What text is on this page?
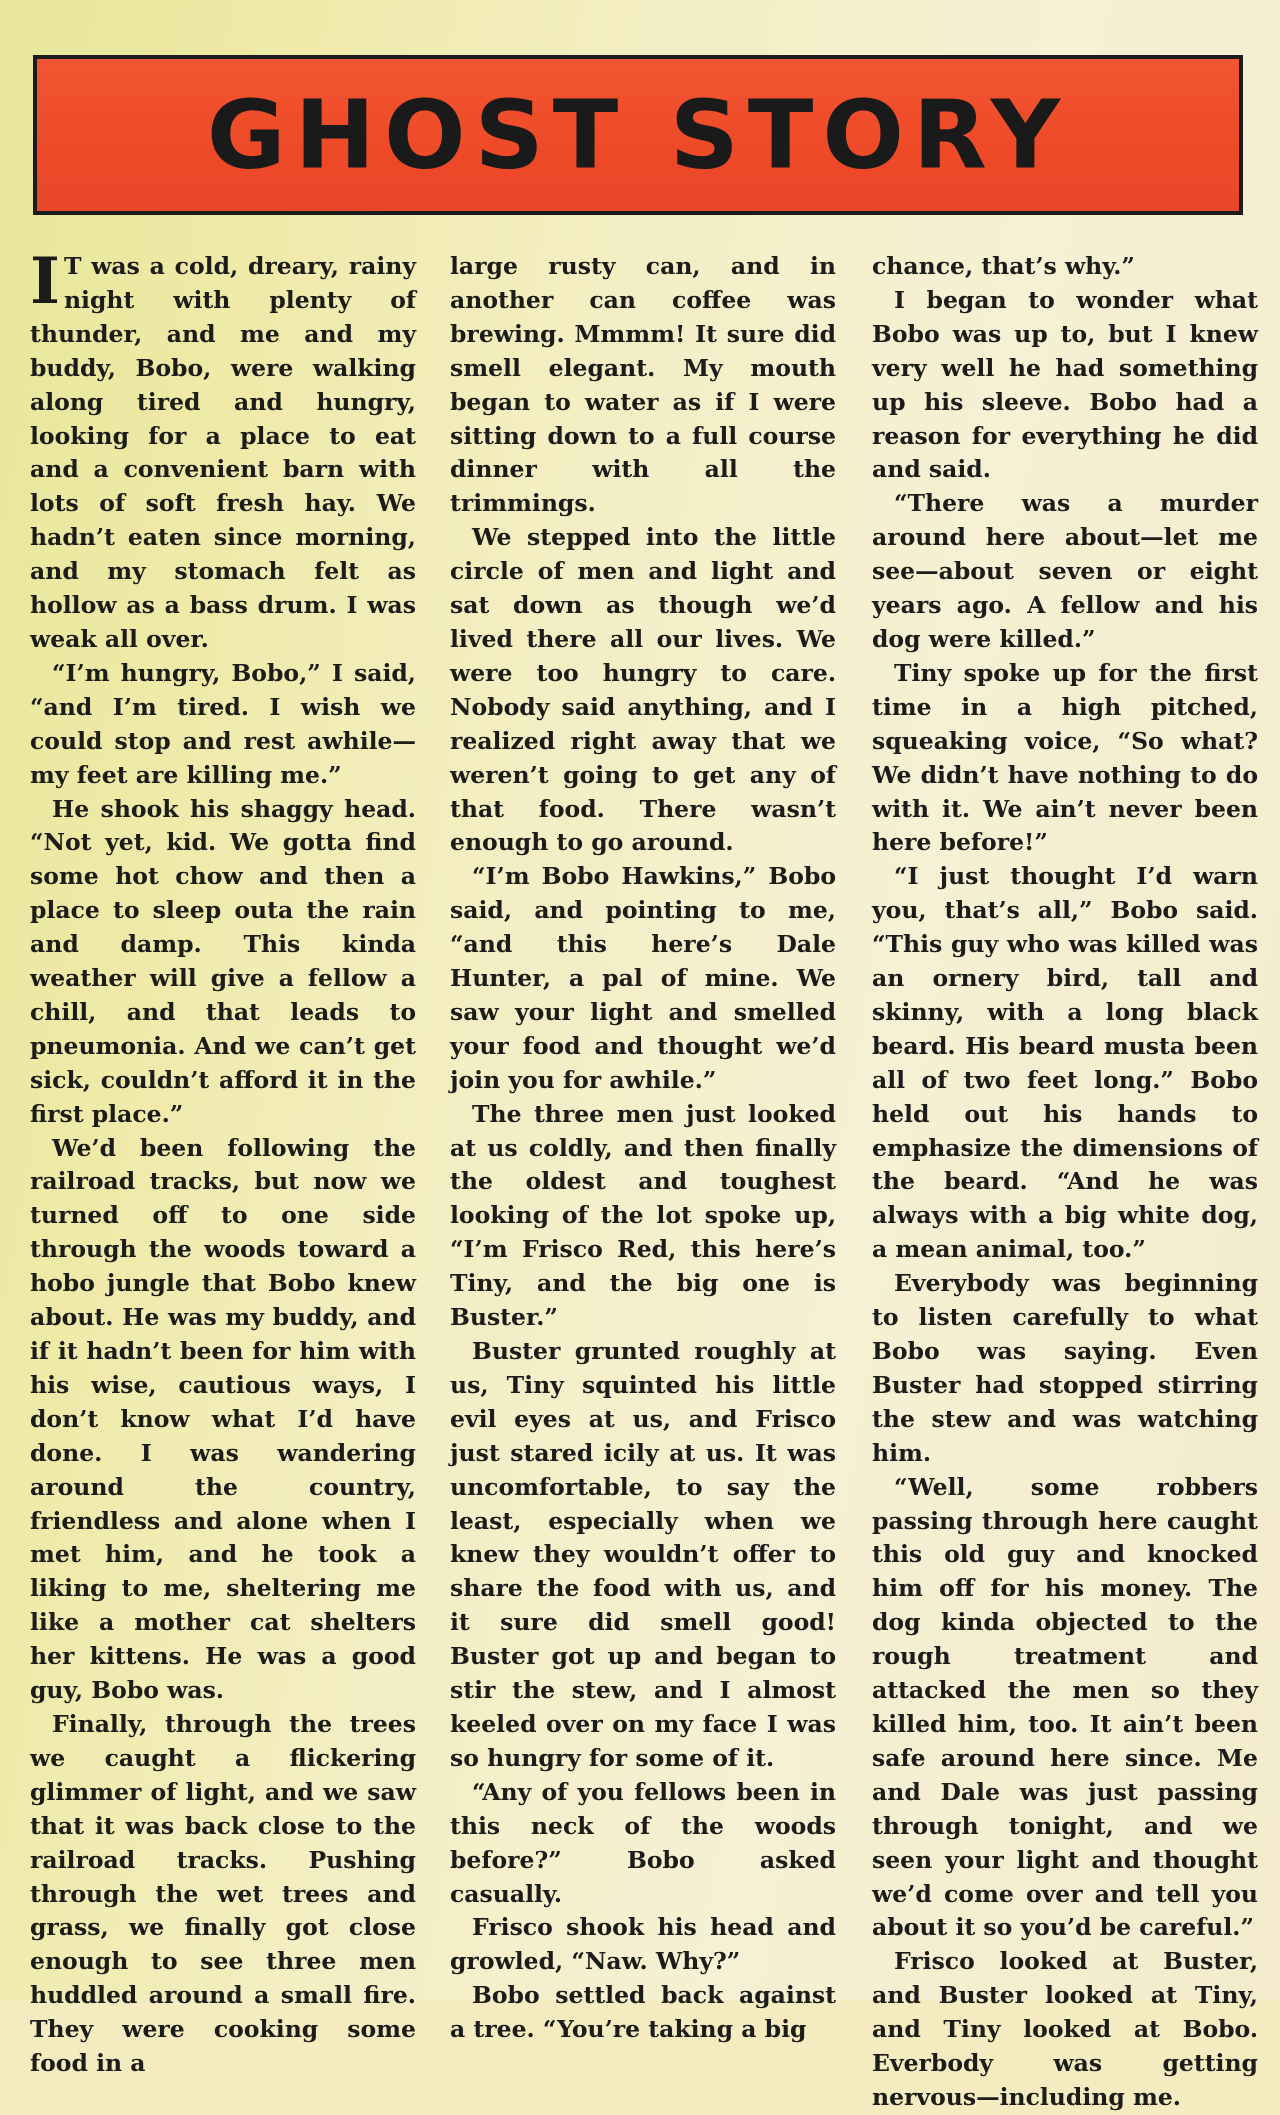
GHOST STORY

I T was a cold, dreary, rainy night with plenty of thunder, and me and my buddy, Bobo, were walking along tired and hungry, looking for a place to eat and a convenient barn with lots of soft fresh hay. We hadn’t eaten since morning, and my stomach felt as hollow as a bass drum. I was weak all over.

“I’m hungry, Bobo,” I said, “and I’m tired. I wish we could stop and rest awhile—my feet are killing me.”

He shook his shaggy head. “Not yet, kid. We gotta find some hot chow and then a place to sleep outa the rain and damp. This kinda weather will give a fellow a chill, and that leads to pneumonia. And we can’t get sick, couldn’t afford it in the first place.”

We’d been following the railroad tracks, but now we turned off to one side through the woods toward a hobo jungle that Bobo knew about. He was my buddy, and if it hadn’t been for him with his wise, cautious ways, I don’t know what I’d have done. I was wandering around the country, friendless and alone when I met him, and he took a liking to me, sheltering me like a mother cat shelters her kittens. He was a good guy, Bobo was.

Finally, through the trees we caught a flickering glimmer of light, and we saw that it was back close to the railroad tracks. Pushing through the wet trees and grass, we finally got close enough to see three men huddled around a small fire. They were cooking some food in a

large rusty can, and in another can coffee was brewing. Mmmm! It sure did smell elegant. My mouth began to water as if I were sitting down to a full course dinner with all the trimmings.

We stepped into the little circle of men and light and sat down as though we’d lived there all our lives. We were too hungry to care. Nobody said anything, and I realized right away that we weren’t going to get any of that food. There wasn’t enough to go around.

“I’m Bobo Hawkins,” Bobo said, and pointing to me, “and this here’s Dale Hunter, a pal of mine. We saw your light and smelled your food and thought we’d join you for awhile.”

The three men just looked at us coldly, and then finally the oldest and toughest looking of the lot spoke up, “I’m Frisco Red, this here’s Tiny, and the big one is Buster.”

Buster grunted roughly at us, Tiny squinted his little evil eyes at us, and Frisco just stared icily at us. It was uncomfortable, to say the least, especially when we knew they wouldn’t offer to share the food with us, and it sure did smell good! Buster got up and began to stir the stew, and I almost keeled over on my face I was so hungry for some of it.

“Any of you fellows been in this neck of the woods before?” Bobo asked casually.

Frisco shook his head and growled, “Naw. Why?”

Bobo settled back against a tree. “You’re taking a big

chance, that’s why.”

I began to wonder what Bobo was up to, but I knew very well he had something up his sleeve. Bobo had a reason for everything he did and said.

“There was a murder around here about—let me see—about seven or eight years ago. A fellow and his dog were killed.”

Tiny spoke up for the first time in a high pitched, squeaking voice, “So what? We didn’t have nothing to do with it. We ain’t never been here before!”

“I just thought I’d warn you, that’s all,” Bobo said. “This guy who was killed was an ornery bird, tall and skinny, with a long black beard. His beard musta been all of two feet long.” Bobo held out his hands to emphasize the dimensions of the beard. “And he was always with a big white dog, a mean animal, too.”

Everybody was beginning to listen carefully to what Bobo was saying. Even Buster had stopped stirring the stew and was watching him.

“Well, some robbers passing through here caught this old guy and knocked him off for his money. The dog kinda objected to the rough treatment and attacked the men so they killed him, too. It ain’t been safe around here since. Me and Dale was just passing through tonight, and we seen your light and thought we’d come over and tell you about it so you’d be careful.”

Frisco looked at Buster, and Buster looked at Tiny, and Tiny looked at Bobo. Everbody was getting nervous—including me.
